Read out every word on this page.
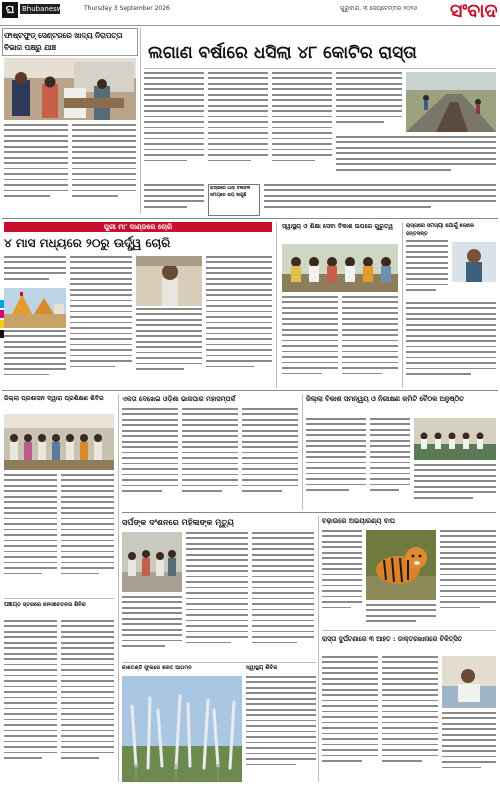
ଘ	Bhubaneswar Thursday 3 September 2026	ଗୁରୁବାର, ୩ ସେପ୍ଟେମ୍ବର ୨୦୨୬ ସଂବାଦ
ଫାଷ୍ଟଫୁଡ୍ ସେଣ୍ଟରରେ ଖାଦ୍ୟ ନିରାପତ୍ତା ବିଭାଗ ପକ୍ଷରୁ ଯାଞ୍ଚ	ଲଗାଣ ବର୍ଷାରେ ଧସିଲା ୪୮ କୋଟିର ରାସ୍ତା
ରାସ୍ତାରେ ଗାଡ଼ି ଚଳାଚଳ ସମୟରେ ଭୟ ଲାଗୁଛି
ପୁରୀ ମା' ଦାଣ୍ଡରେ ଚୋରି
୪ ମାସ ମଧ୍ୟରେ ୨୦ରୁ ଊର୍ଦ୍ଧ୍ୱ ଚୋରି
ସ୍ୱାସ୍ଥ୍ୟ ଓ ଶିକ୍ଷା ସେବା ବିକାଶ ଉପରେ ଗୁରୁତ୍ୱ	ରାସ୍ତାରେ ସମସ୍ୟା ଯୋଗୁଁ ଲୋକେ ହନ୍ତସନ୍ତ
ଜିଲ୍ଲା ପ୍ରଶାସନ ଦ୍ୱାରା ପ୍ରଶିକ୍ଷଣ ଶିବିର
ପଞ୍ଚାୟତ ସ୍ତରରେ ଜନସଚେତନତା ଶିବିର
ଏକତା ଦେଖେଇ ଓଡ଼ିଶା ଭାଜପାର ମହାସମ୍ପର୍କ	ଜିଲ୍ଲା ବିକାଶ ସମନ୍ୱୟ ଓ ନିରୀକ୍ଷଣ କମିଟି ବୈଠକ ଅନୁଷ୍ଠିତ
ସର୍ପଙ୍କ ଦଂଶନରେ ମହିଳାଙ୍କ ମୃତ୍ୟୁ	ଚଢ଼ାଉରେ ଅଭୟାରଣ୍ୟ ବାଘ
କାଶତଣ୍ଡି ଫୁଲରେ ଶରତ ଆଗମନ	ସ୍ୱାସ୍ଥ୍ୟ ଶିବିର
ରାସ୍ତା ଦୁର୍ଘଟଣାରେ ୩ ଆହତ : ଡାକ୍ତରଖାନାରେ ଚିକିତ୍ସିତ
